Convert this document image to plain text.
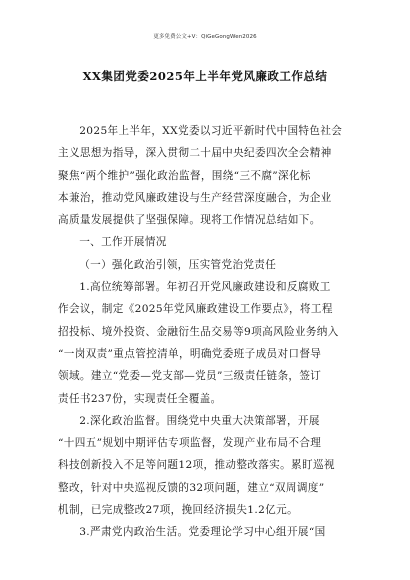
更多免费公文+V：QiGeGongWen2026
XX集团党委2025年上半年党风廉政工作总结
2025年上半年，XX党委以习近平新时代中国特色社会
主义思想为指导，深入贯彻二十届中央纪委四次全会精神
聚焦“两个维护”强化政治监督，围绕“三不腐”深化标
本兼治，推动党风廉政建设与生产经营深度融合，为企业
高质量发展提供了坚强保障。现将工作情况总结如下。
一、工作开展情况
（一）强化政治引领，压实管党治党责任
1.高位统筹部署。年初召开党风廉政建设和反腐败工
作会议，制定《2025年党风廉政建设工作要点》，将工程
招投标、境外投资、金融衍生品交易等9项高风险业务纳入
“一岗双责”重点管控清单，明确党委班子成员对口督导
领域。建立“党委—党支部—党员”三级责任链条，签订
责任书237份，实现责任全覆盖。
2.深化政治监督。围绕党中央重大决策部署，开展
“十四五”规划中期评估专项监督，发现产业布局不合理
科技创新投入不足等问题12项，推动整改落实。累盯巡视
整改，针对中央巡视反馈的32项问题，建立“双周调度”
机制，已完成整改27项，挽回经济损失1.2亿元。
3.严肃党内政治生活。党委理论学习中心组开展“国
